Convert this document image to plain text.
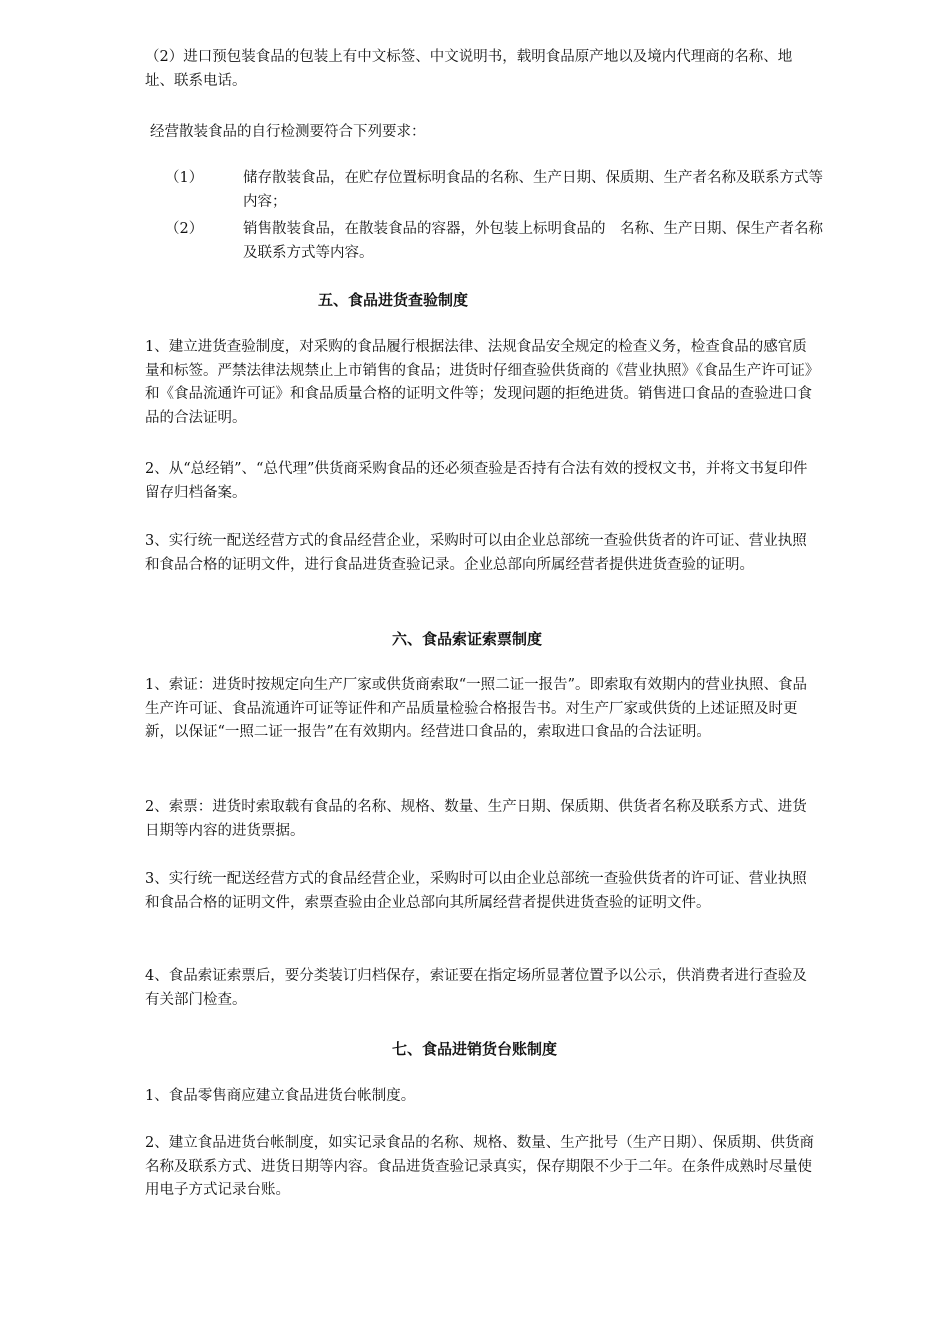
（2）进口预包装食品的包装上有中文标签、中文说明书，载明食品原产地以及境内代理商的名称、地址、联系电话。

经营散装食品的自行检测要符合下列要求：

（1）	储存散装食品，在贮存位置标明食品的名称、生产日期、保质期、生产者名称及联系方式等内容；

（2）	销售散装食品，在散装食品的容器，外包装上标明食品的　名称、生产日期、保生产者名称及联系方式等内容。

五、食品进货查验制度

1、建立进货查验制度，对采购的食品履行根据法律、法规食品安全规定的检查义务，检查食品的感官质量和标签。严禁法律法规禁止上市销售的食品；进货时仔细查验供货商的《营业执照》《食品生产许可证》和《食品流通许可证》和食品质量合格的证明文件等；发现问题的拒绝进货。销售进口食品的查验进口食品的合法证明。

2、从“总经销”、“总代理”供货商采购食品的还必须查验是否持有合法有效的授权文书，并将文书复印件留存归档备案。

3、实行统一配送经营方式的食品经营企业，采购时可以由企业总部统一查验供货者的许可证、营业执照和食品合格的证明文件，进行食品进货查验记录。企业总部向所属经营者提供进货查验的证明。

六、食品索证索票制度

1、索证：进货时按规定向生产厂家或供货商索取“一照二证一报告”。即索取有效期内的营业执照、食品生产许可证、食品流通许可证等证件和产品质量检验合格报告书。对生产厂家或供货的上述证照及时更新，以保证“一照二证一报告”在有效期内。经营进口食品的，索取进口食品的合法证明。

2、索票：进货时索取载有食品的名称、规格、数量、生产日期、保质期、供货者名称及联系方式、进货日期等内容的进货票据。

3、实行统一配送经营方式的食品经营企业，采购时可以由企业总部统一查验供货者的许可证、营业执照和食品合格的证明文件，索票查验由企业总部向其所属经营者提供进货查验的证明文件。

4、食品索证索票后，要分类装订归档保存，索证要在指定场所显著位置予以公示，供消费者进行查验及有关部门检查。

七、食品进销货台账制度

1、食品零售商应建立食品进货台帐制度。

2、建立食品进货台帐制度，如实记录食品的名称、规格、数量、生产批号（生产日期）、保质期、供货商名称及联系方式、进货日期等内容。食品进货查验记录真实，保存期限不少于二年。在条件成熟时尽量使用电子方式记录台账。
